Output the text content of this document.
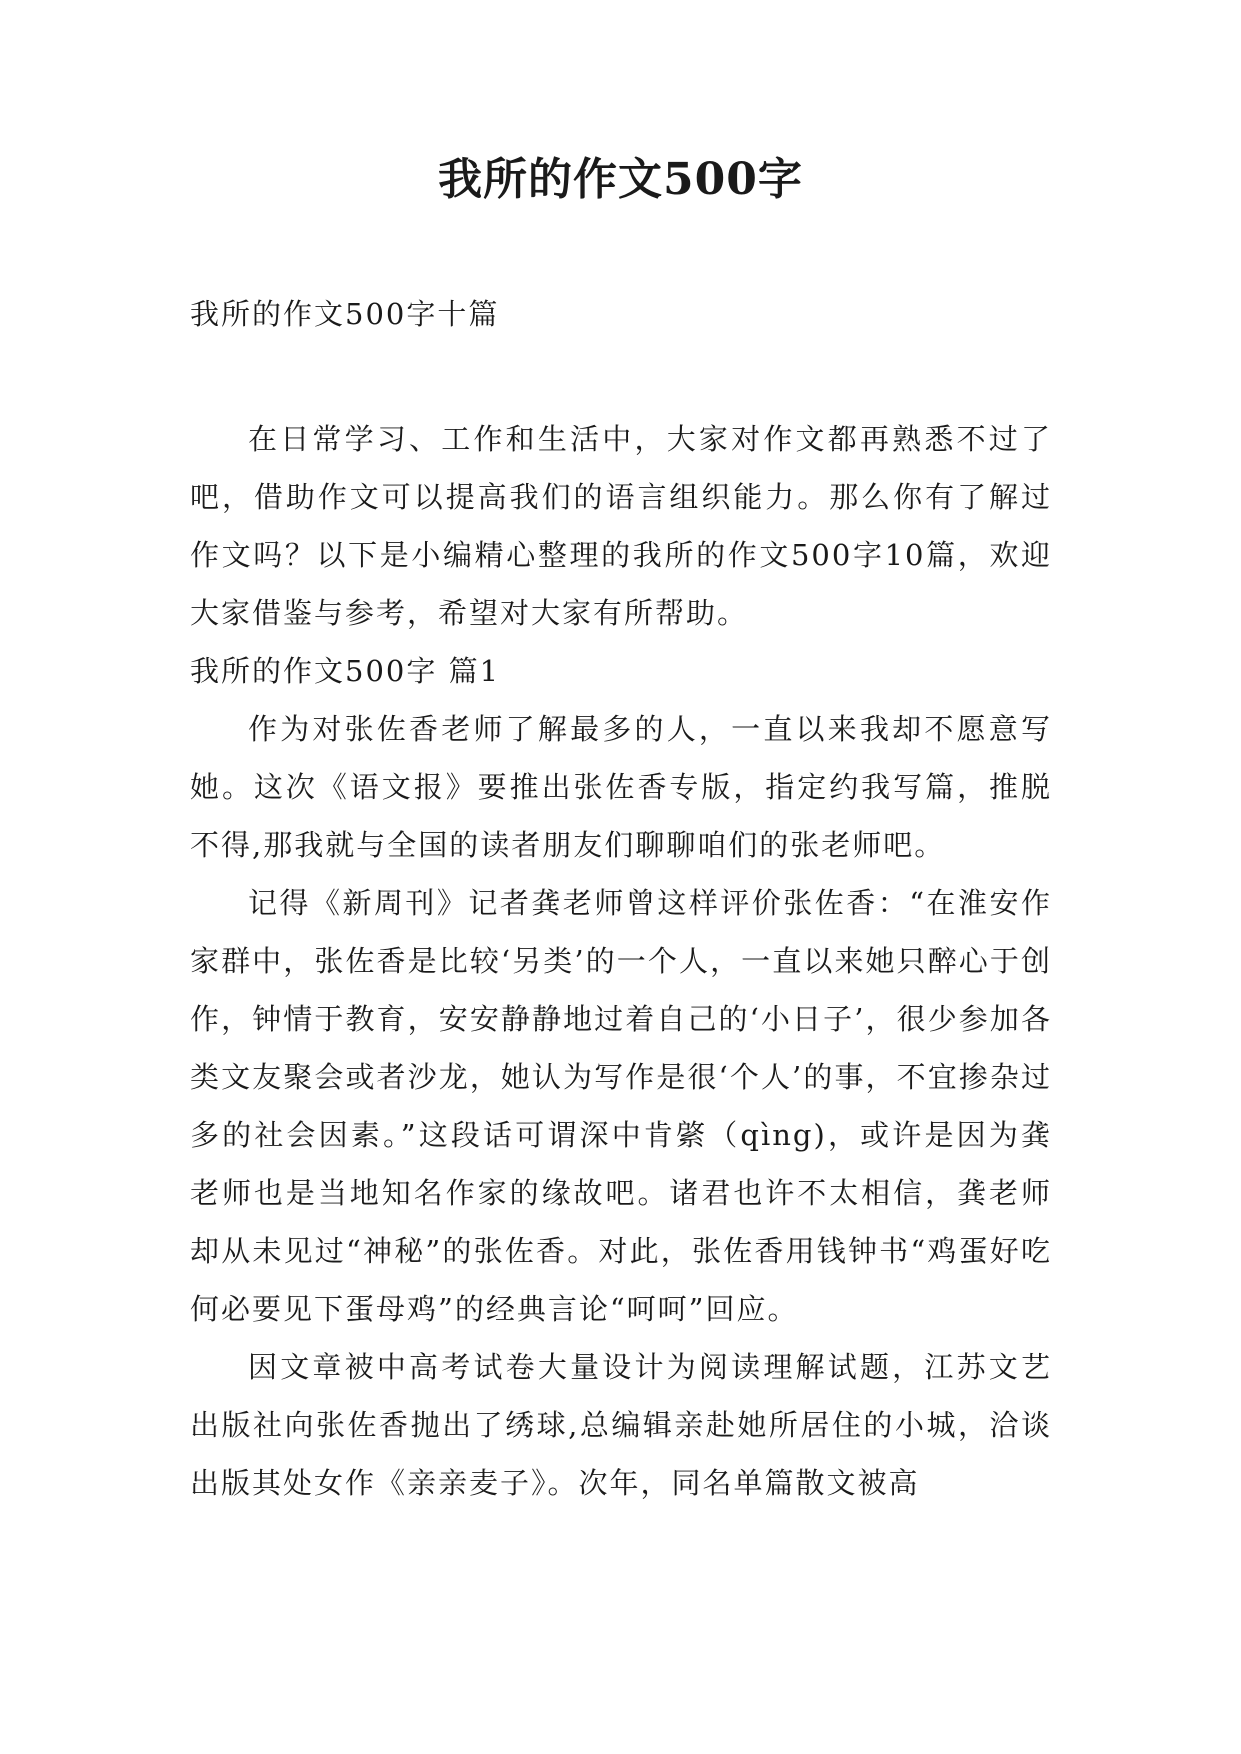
我所的作文500字
我所的作文500字十篇

在日常学习、工作和生活中，大家对作文都再熟悉不过了吧，借助作文可以提高我们的语言组织能力。那么你有了解过作文吗？以下是小编精心整理的我所的作文500字10篇，欢迎大家借鉴与参考，希望对大家有所帮助。

我所的作文500字 篇1

作为对张佐香老师了解最多的人，一直以来我却不愿意写她。这次《语文报》要推出张佐香专版，指定约我写篇，推脱不得,那我就与全国的读者朋友们聊聊咱们的张老师吧。

记得《新周刊》记者龚老师曾这样评价张佐香：“在淮安作家群中，张佐香是比较‘另类’的一个人，一直以来她只醉心于创作，钟情于教育，安安静静地过着自己的‘小日子’，很少参加各类文友聚会或者沙龙，她认为写作是很‘个人’的事，不宜掺杂过多的社会因素。”这段话可谓深中肯綮（qìng)，或许是因为龚老师也是当地知名作家的缘故吧。诸君也许不太相信，龚老师却从未见过“神秘”的张佐香。对此，张佐香用钱钟书“鸡蛋好吃何必要见下蛋母鸡”的经典言论“呵呵”回应。

因文章被中高考试卷大量设计为阅读理解试题，江苏文艺出版社向张佐香抛出了绣球,总编辑亲赴她所居住的小城，洽谈出版其处女作《亲亲麦子》。次年，同名单篇散文被高
